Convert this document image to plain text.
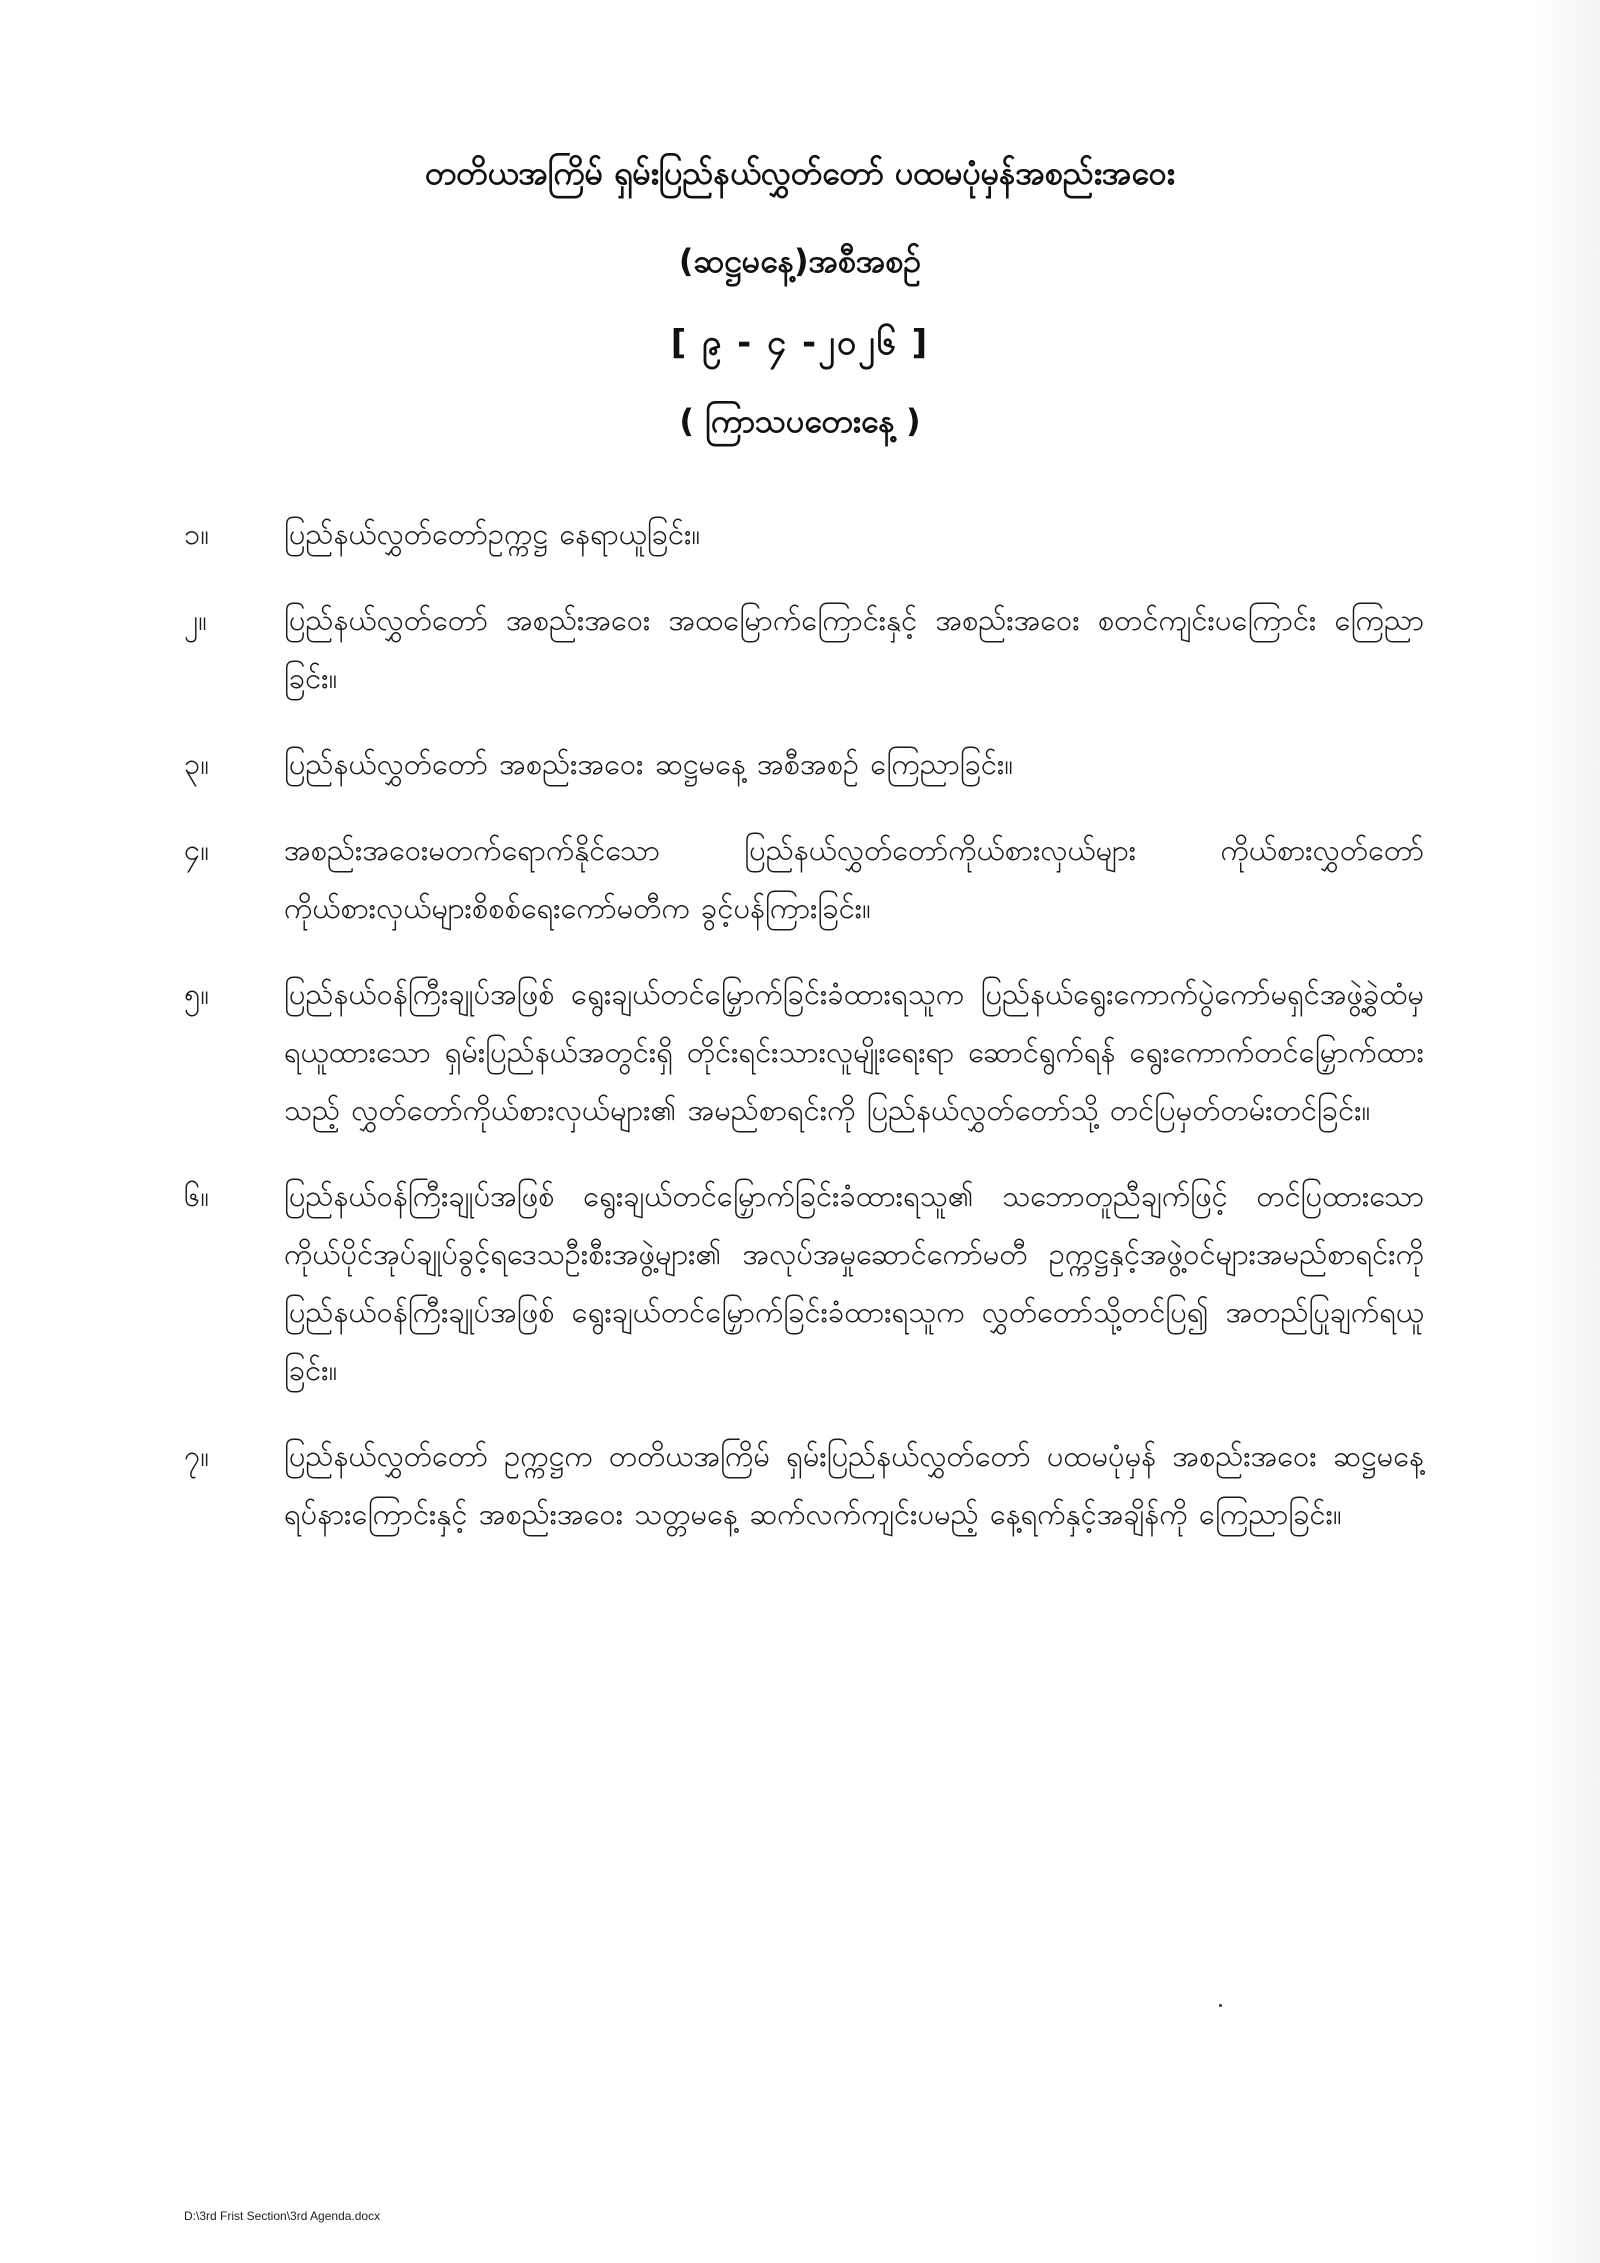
တတိယအကြိမ် ရှမ်းပြည်နယ်လွှတ်တော် ပထမပုံမှန်အစည်းအဝေး
(ဆဋ္ဌမနေ့)အစီအစဉ်
[ ၉ - ၄ -၂၀၂၆ ]
( ကြာသပတေးနေ့ )
၁။	ပြည်နယ်လွှတ်တော်ဥက္ကဋ္ဌ နေရာယူခြင်း။
၂။	ပြည်နယ်လွှတ်တော် အစည်းအဝေး အထမြောက်ကြောင်းနှင့် အစည်းအဝေး စတင်ကျင်းပကြောင်း ကြေညာခြင်း။
၃။	ပြည်နယ်လွှတ်တော် အစည်းအဝေး ဆဋ္ဌမနေ့ အစီအစဉ် ကြေညာခြင်း။
၄။	အစည်းအဝေးမတက်ရောက်နိုင်သော ပြည်နယ်လွှတ်တော်ကိုယ်စားလှယ်များ ကိုယ်စားလွှတ်တော်ကိုယ်စားလှယ်များစိစစ်ရေးကော်မတီက ခွင့်ပန်ကြားခြင်း။
၅။	ပြည်နယ်ဝန်ကြီးချုပ်အဖြစ် ရွေးချယ်တင်မြှောက်ခြင်းခံထားရသူက ပြည်နယ်ရွေးကောက်ပွဲကော်မရှင်အဖွဲ့ခွဲထံမှရယူထားသော ရှမ်းပြည်နယ်အတွင်းရှိ တိုင်းရင်းသားလူမျိုးရေးရာ ဆောင်ရွက်ရန် ရွေးကောက်တင်မြှောက်ထားသည့် လွှတ်တော်ကိုယ်စားလှယ်များ၏ အမည်စာရင်းကို ပြည်နယ်လွှတ်တော်သို့ တင်ပြမှတ်တမ်းတင်ခြင်း။
၆။	ပြည်နယ်ဝန်ကြီးချုပ်အဖြစ် ရွေးချယ်တင်မြှောက်ခြင်းခံထားရသူ၏ သဘောတူညီချက်ဖြင့် တင်ပြထားသော ကိုယ်ပိုင်အုပ်ချုပ်ခွင့်ရဒေသဦးစီးအဖွဲ့များ၏ အလုပ်အမှုဆောင်ကော်မတီ ဥက္ကဋ္ဌနှင့်အဖွဲ့ဝင်များအမည်စာရင်းကို ပြည်နယ်ဝန်ကြီးချုပ်အဖြစ် ရွေးချယ်တင်မြှောက်ခြင်းခံထားရသူက လွှတ်တော်သို့တင်ပြ၍ အတည်ပြုချက်ရယူခြင်း။
၇။	ပြည်နယ်လွှတ်တော် ဥက္ကဋ္ဌက တတိယအကြိမ် ရှမ်းပြည်နယ်လွှတ်တော် ပထမပုံမှန် အစည်းအဝေး ဆဋ္ဌမနေ့ ရပ်နားကြောင်းနှင့် အစည်းအဝေး သတ္တမနေ့ ဆက်လက်ကျင်းပမည့် နေ့ရက်နှင့်အချိန်ကို ကြေညာခြင်း။
D:\3rd Frist Section\3rd Agenda.docx
